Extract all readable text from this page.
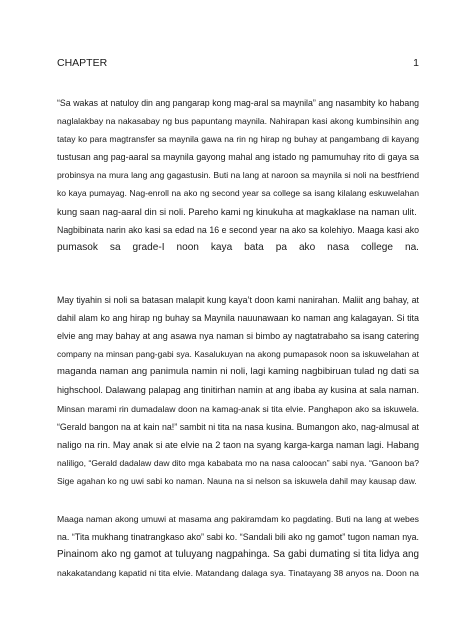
CHAPTER	1
“Sa wakas at natuloy din ang pangarap kong mag-aral sa maynila” ang nasambity ko habang
naglalakbay na nakasabay ng bus papuntang maynila. Nahirapan kasi akong kumbinsihin ang
tatay ko para magtransfer sa maynila gawa na rin ng hirap ng buhay at pangambang di kayang
tustusan ang pag-aaral sa maynila gayong mahal ang istado ng pamumuhay rito di gaya sa
probinsya na mura lang ang gagastusin. Buti na lang at naroon sa maynila si noli na bestfriend
ko kaya pumayag. Nag-enroll na ako ng second year sa college sa isang kilalang eskuwelahan
kung saan nag-aaral din si noli. Pareho kami ng kinukuha at magkaklase na naman ulit.
Nagbibinata narin ako kasi sa edad na 16 e second year na ako sa kolehiyo. Maaga kasi ako
pumasok sa grade-I noon kaya bata pa ako nasa college na.
May tiyahin si noli sa batasan malapit kung kaya’t doon kami nanirahan. Maliit ang bahay, at
dahil alam ko ang hirap ng buhay sa Maynila nauunawaan ko naman ang kalagayan. Si tita
elvie ang may bahay at ang asawa nya naman si bimbo ay nagtatrabaho sa isang catering
company na minsan pang-gabi sya. Kasalukuyan na akong pumapasok noon sa iskuwelahan at
maganda naman ang panimula namin ni noli, lagi kaming nagbibiruan tulad ng dati sa
highschool. Dalawang palapag ang tinitirhan namin at ang ibaba ay kusina at sala naman.
Minsan marami rin dumadalaw doon na kamag-anak si tita elvie. Panghapon ako sa iskuwela.
“Gerald bangon na at kain na!” sambit ni tita na nasa kusina. Bumangon ako, nag-almusal at
naligo na rin. May anak si ate elvie na 2 taon na syang karga-karga naman lagi. Habang
naliligo, “Gerald dadalaw daw dito mga kababata mo na nasa caloocan” sabi nya. “Ganoon ba?
Sige agahan ko ng uwi sabi ko naman. Nauna na si nelson sa iskuwela dahil may kausap daw.
Maaga naman akong umuwi at masama ang pakiramdam ko pagdating. Buti na lang at webes
na. “Tita mukhang tinatrangkaso ako” sabi ko. “Sandali bili ako ng gamot” tugon naman nya.
Pinainom ako ng gamot at tuluyang nagpahinga. Sa gabi dumating si tita lidya ang
nakakatandang kapatid ni tita elvie. Matandang dalaga sya. Tinatayang 38 anyos na. Doon na
